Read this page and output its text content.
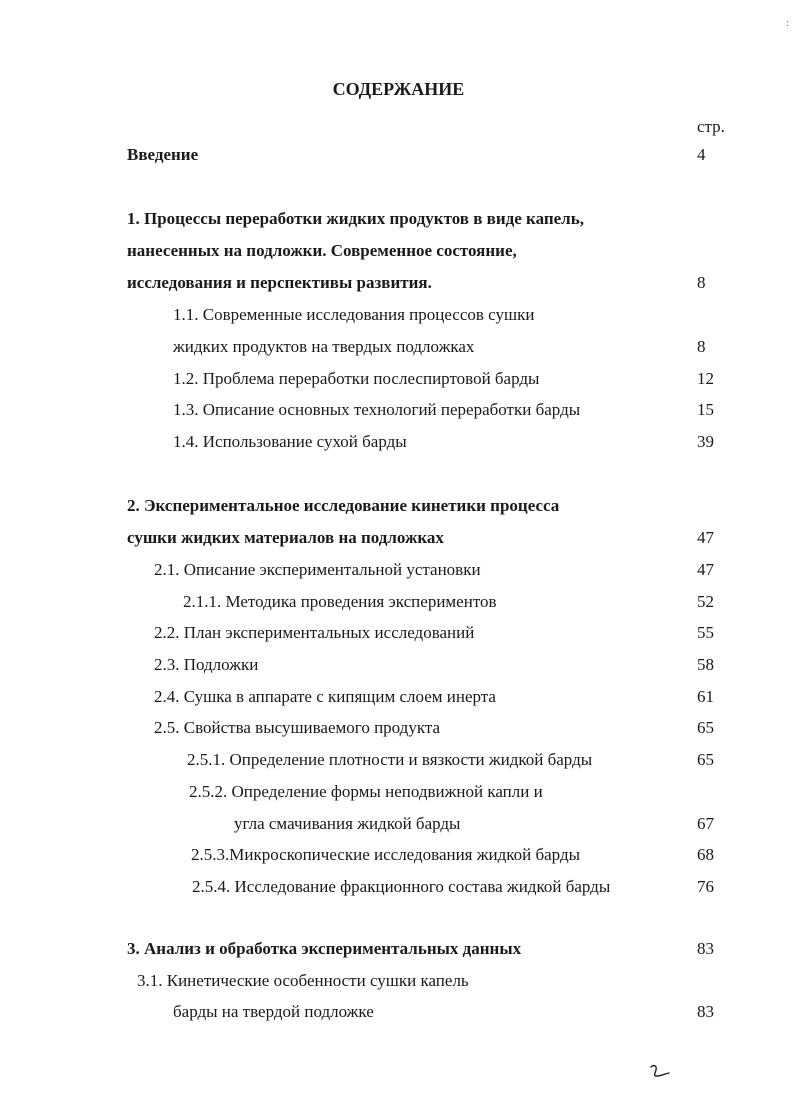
СОДЕРЖАНИЕ
:
стр.
Введение	4
1. Процессы переработки жидких продуктов в виде капель,
нанесенных на подложки. Современное состояние,
исследования и перспективы развития.	8
1.1. Современные исследования процессов сушки
жидких продуктов на твердых подложках	8
1.2. Проблема переработки послеспиртовой барды	12
1.3. Описание основных технологий переработки барды	15
1.4. Использование сухой барды	39
2. Экспериментальное исследование кинетики процесса
сушки жидких материалов на подложках	47
2.1. Описание экспериментальной установки	47
2.1.1. Методика проведения экспериментов	52
2.2. План экспериментальных исследований	55
2.3. Подложки	58
2.4. Сушка в аппарате с кипящим слоем инерта	61
2.5. Свойства высушиваемого продукта	65
2.5.1. Определение плотности и вязкости жидкой барды	65
2.5.2. Определение формы неподвижной капли и
угла смачивания жидкой барды	67
2.5.3.Микроскопические исследования жидкой барды	68
2.5.4. Исследование фракционного состава жидкой барды	76
3. Анализ и обработка экспериментальных данных	83
3.1. Кинетические особенности сушки капель
барды на твердой подложке	83
